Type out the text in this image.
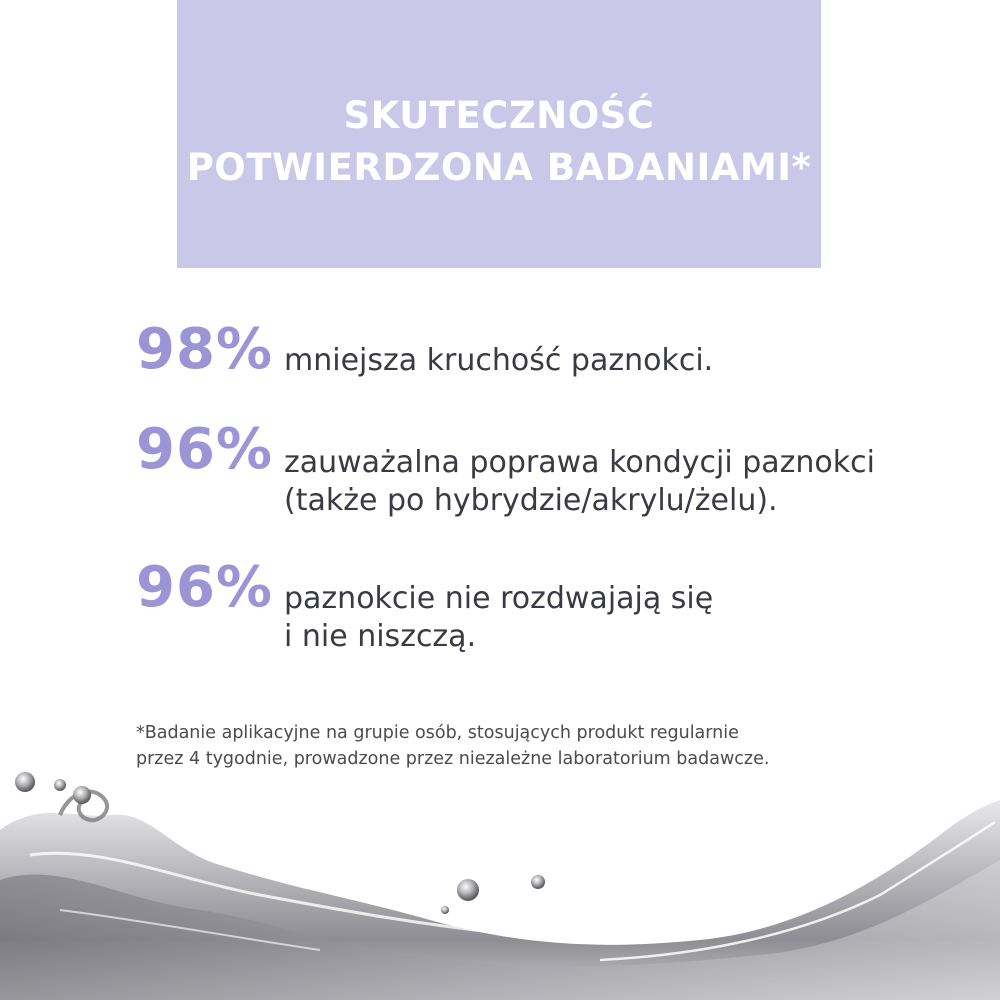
SKUTECZNOŚĆ
POTWIERDZONA BADANIAMI*
98% mniejsza kruchość paznokci.
96% zauważalna poprawa kondycji paznokci
(także po hybrydzie/akrylu/żelu).
96% paznokcie nie rozdwajają się
i nie niszczą.
*Badanie aplikacyjne na grupie osób, stosujących produkt regularnie
przez 4 tygodnie, prowadzone przez niezależne laboratorium badawcze.
